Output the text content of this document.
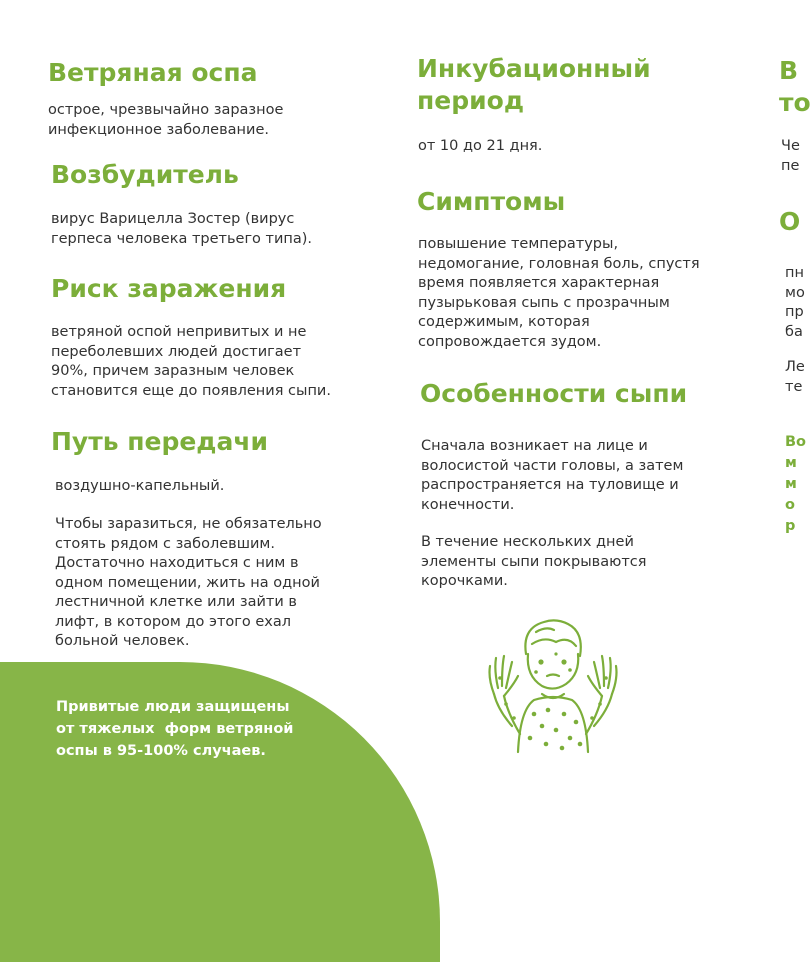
Ветряная оспа

острое, чрезвычайно заразное
инфекционное заболевание.

Возбудитель

вирус Варицелла Зостер (вирус
герпеса человека третьего типа).

Риск заражения

ветряной оспой непривитых и не
переболевших людей достигает
90%, причем заразным человек
становится еще до появления сыпи.

Путь передачи

воздушно-капельный.

Чтобы заразиться, не обязательно
стоять рядом с заболевшим.
Достаточно находиться с ним в
одном помещении, жить на одной
лестничной клетке или зайти в
лифт, в котором до этого ехал
больной человек.

Привитые люди защищены
от тяжелых  форм ветряной
оспы в 95-100% случаев.

Инкубационный
период

от 10 до 21 дня.

Симптомы

повышение температуры,
недомогание, головная боль, спустя
время появляется характерная
пузырьковая сыпь с прозрачным
содержимым, которая
сопровождается зудом.

Особенности сыпи

Сначала возникает на лице и
волосистой части головы, а затем
распространяется на туловище и
конечности.

В течение нескольких дней
элементы сыпи покрываются
корочками.

В
то

Че
пе

О

пн
мо
пр
ба

Ле
те

Во
м
м
о
р
